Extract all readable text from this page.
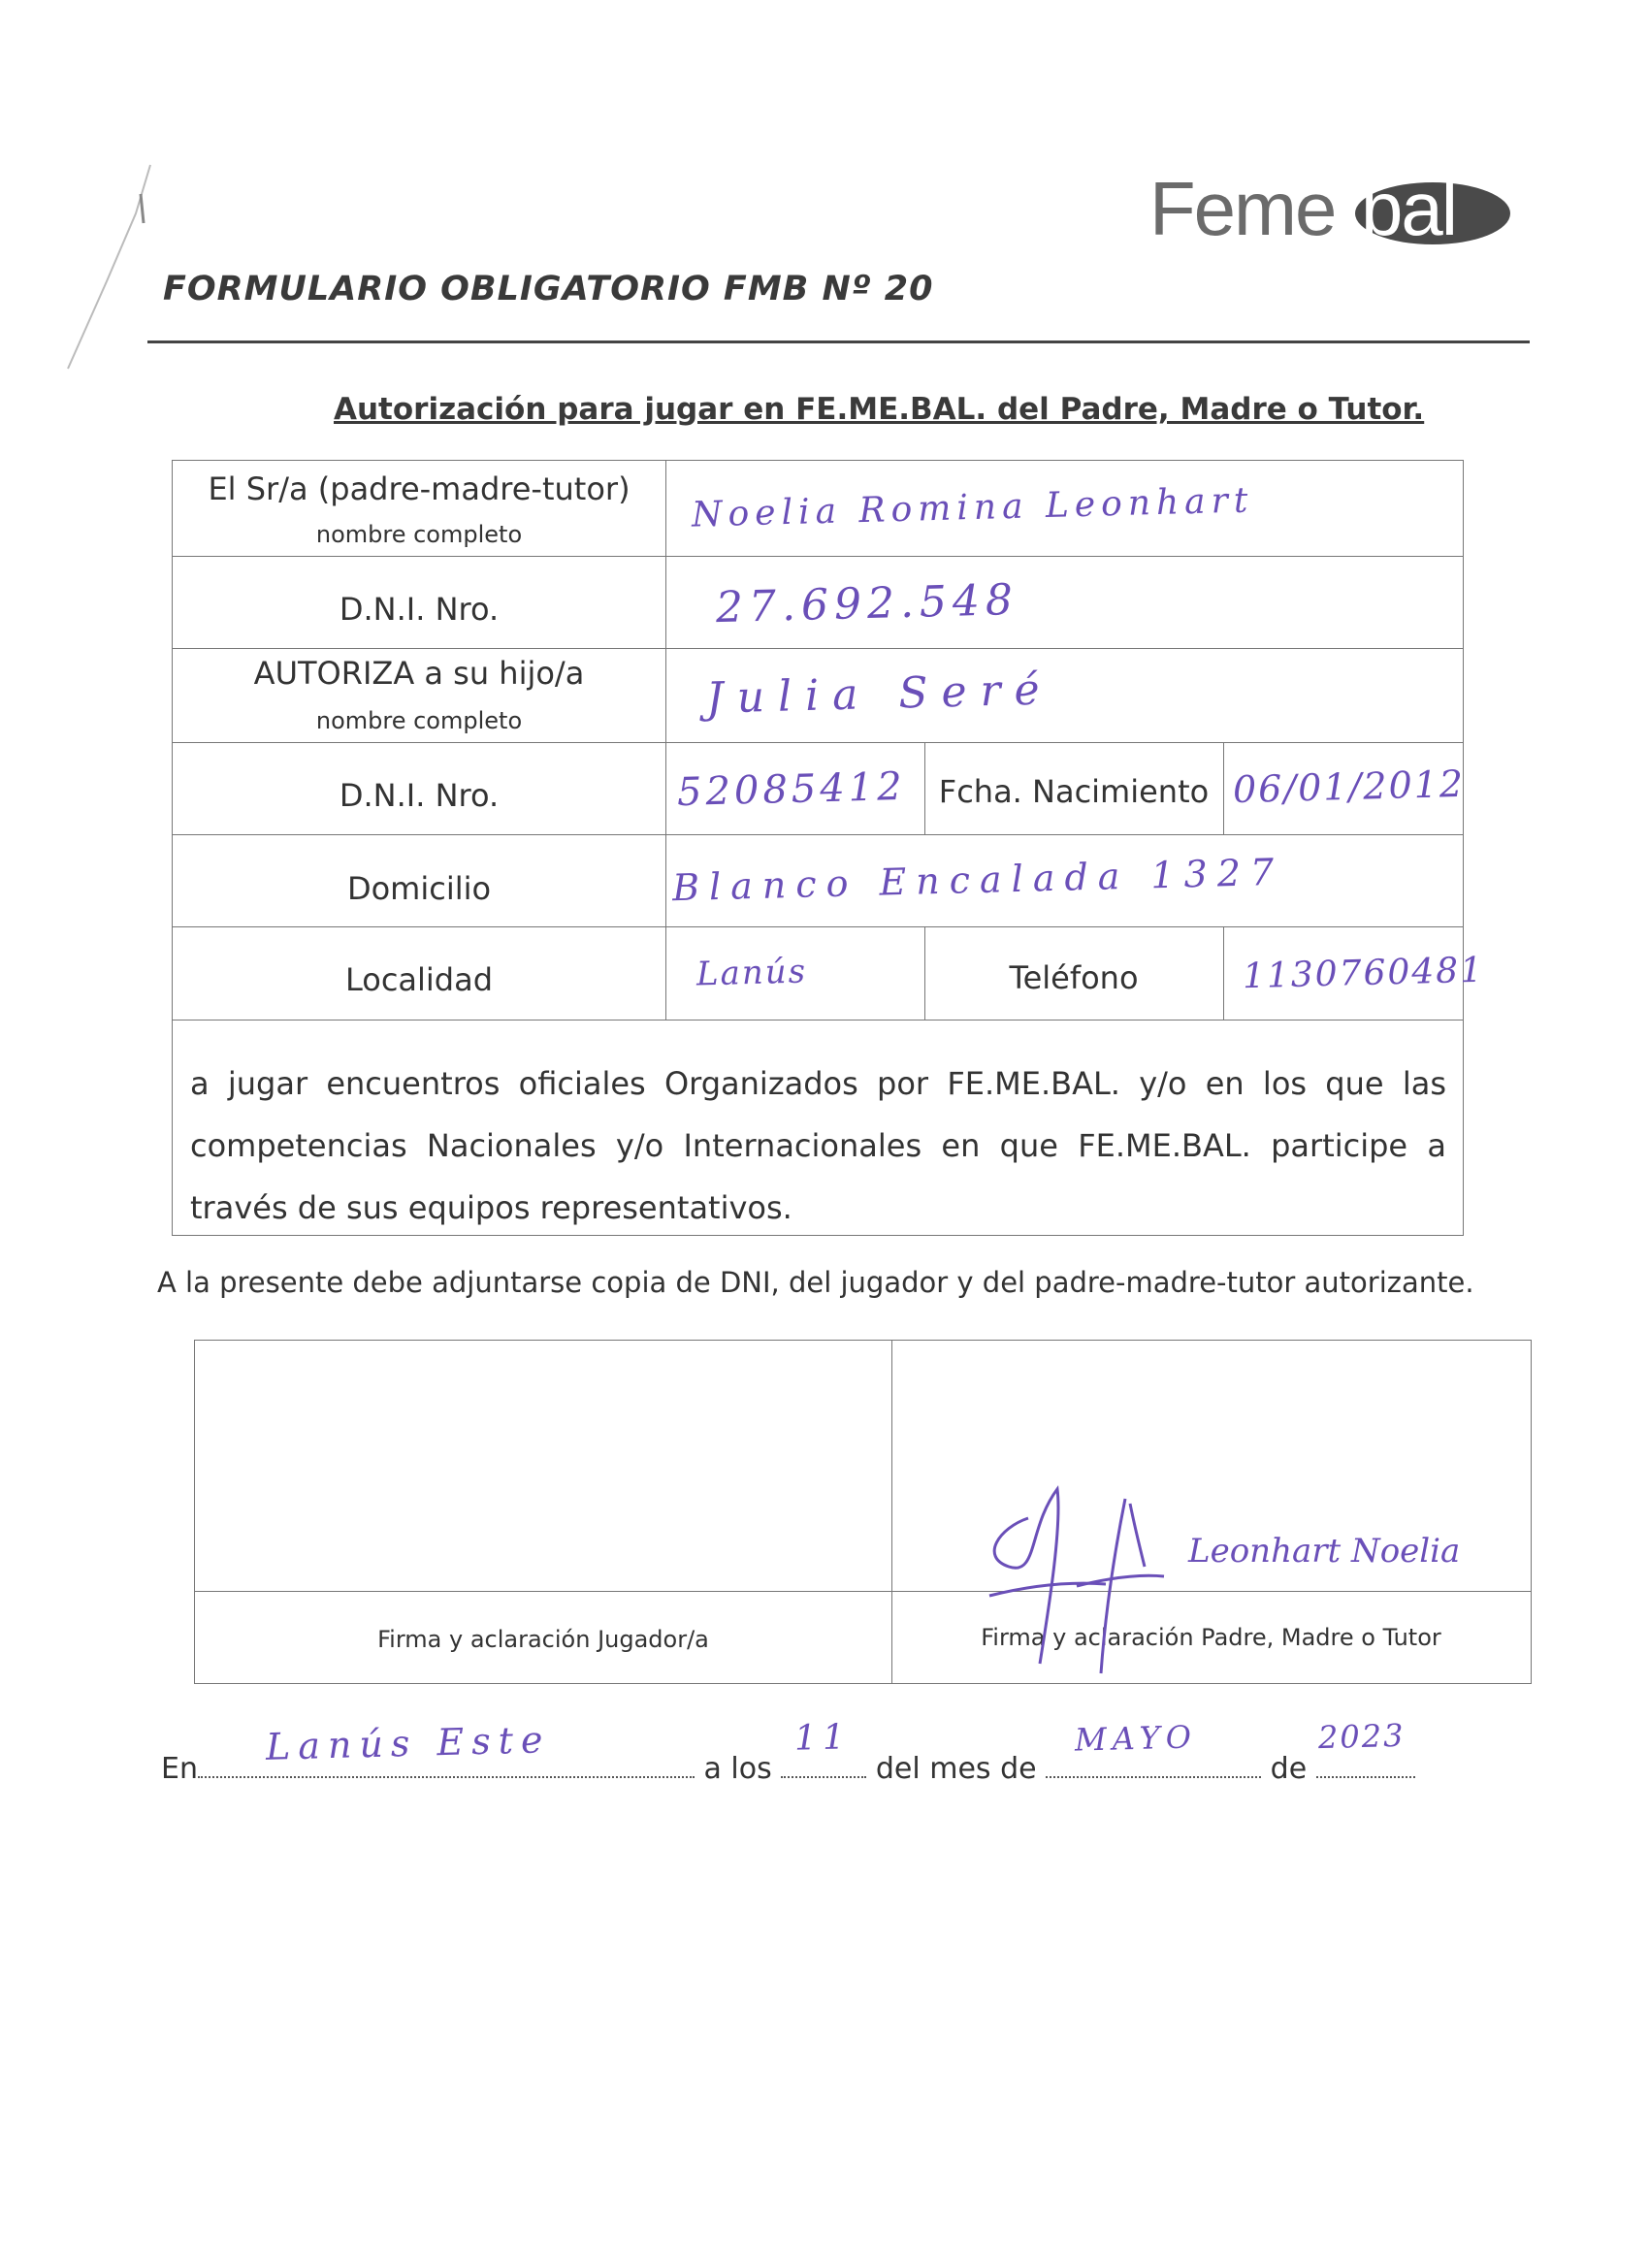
Feme bal
FORMULARIO OBLIGATORIO FMB Nº 20
Autorización para jugar en FE.ME.BAL. del Padre, Madre o Tutor.
El Sr/a (padre-madre-tutor)
nombre completo	Noelia Romina Leonhart
D.N.I. Nro.	27.692.548
AUTORIZA a su hijo/a
nombre completo	Julia Seré
D.N.I. Nro.	52085412	Fcha. Nacimiento 06/01/2012
Domicilio	Blanco Encalada 1327
Localidad	Lanús	Teléfono	1130760481
a jugar encuentros oficiales Organizados por FE.ME.BAL. y/o en los que las competencias Nacionales y/o Internacionales en que FE.ME.BAL. participe a través de sus equipos representativos.
A la presente debe adjuntarse copia de DNI, del jugador y del padre-madre-tutor autorizante.
Firma y aclaración Jugador/a	Firma y aclaración Padre, Madre o Tutor
Leonhart Noelia
En
Lanús Este
a los
11
del mes de
MAYO
de
2023
